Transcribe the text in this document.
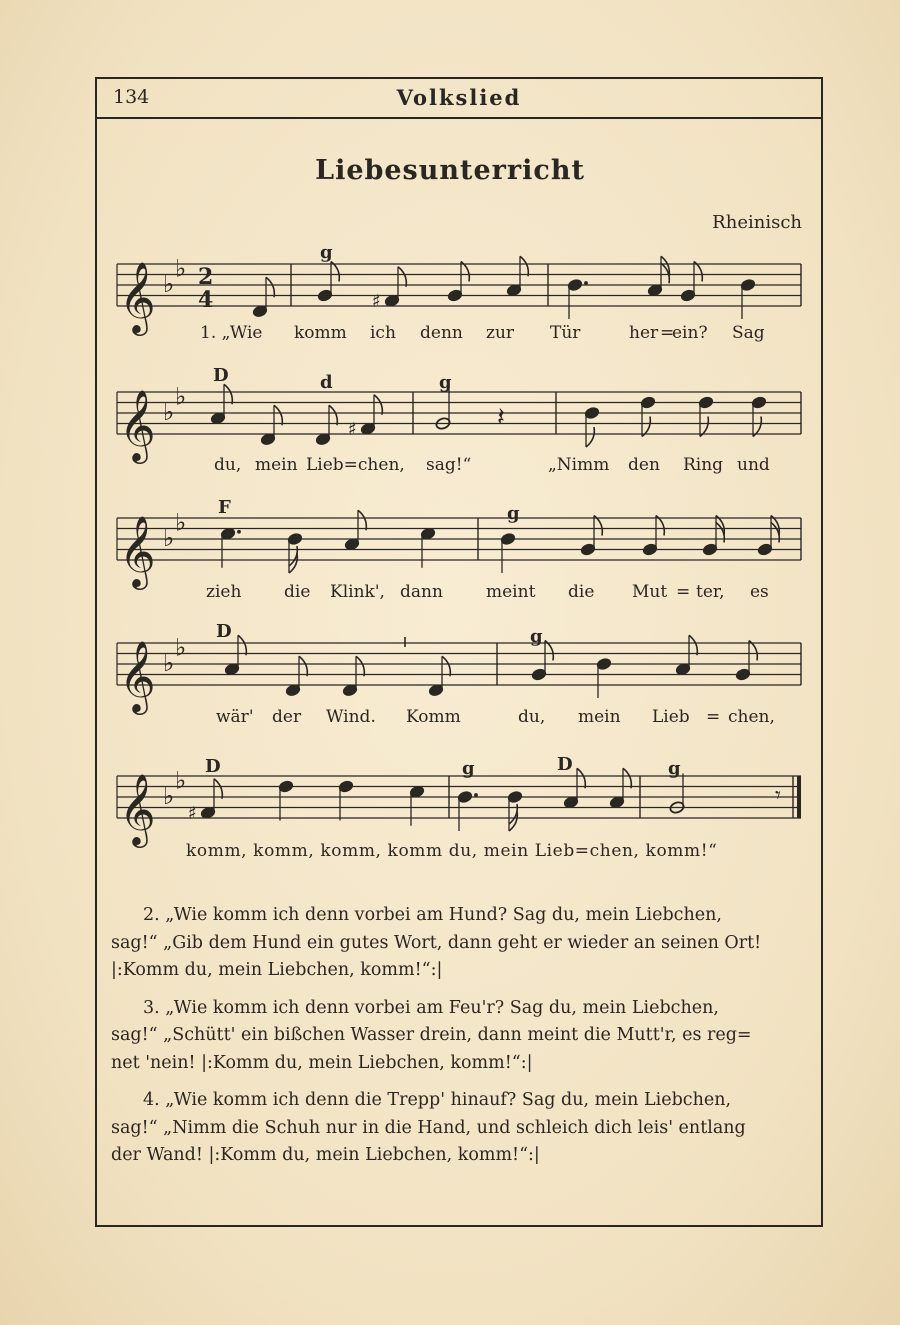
134	Volkslied
Liebesunterricht
Rheinisch
𝄞 ♭
♭ 2
4	♯
𝄞 ♭
♭
𝄽
♯
𝄞 ♭
♭
𝄞 ♭
♭
𝄞 ♭
♭
𝄾
♯
g
D	d	g
F	g
D	g
D	g	D	g
1. „Wie komm ich denn zur Tür	her =
ein? Sag
du, mein Lieb=chen, sag!“	„Nimm den Ring und
zieh	die Klink', dann	meint die Mut = ter, es
wär' der Wind. Komm	du, mein Lieb = chen,
komm, komm, komm, komm du, mein Lieb=chen, komm!“
2. „Wie komm ich denn vorbei am Hund? Sag du, mein Liebchen,
sag!“ „Gib dem Hund ein gutes Wort, dann geht er wieder an seinen Ort!
|:Komm du, mein Liebchen, komm!“:|
3. „Wie komm ich denn vorbei am Feu'r? Sag du, mein Liebchen,
sag!“ „Schütt' ein bißchen Wasser drein, dann meint die Mutt'r, es reg=
net 'nein! |:Komm du, mein Liebchen, komm!“:|
4. „Wie komm ich denn die Trepp' hinauf? Sag du, mein Liebchen,
sag!“ „Nimm die Schuh nur in die Hand, und schleich dich leis' entlang
der Wand! |:Komm du, mein Liebchen, komm!“:|
